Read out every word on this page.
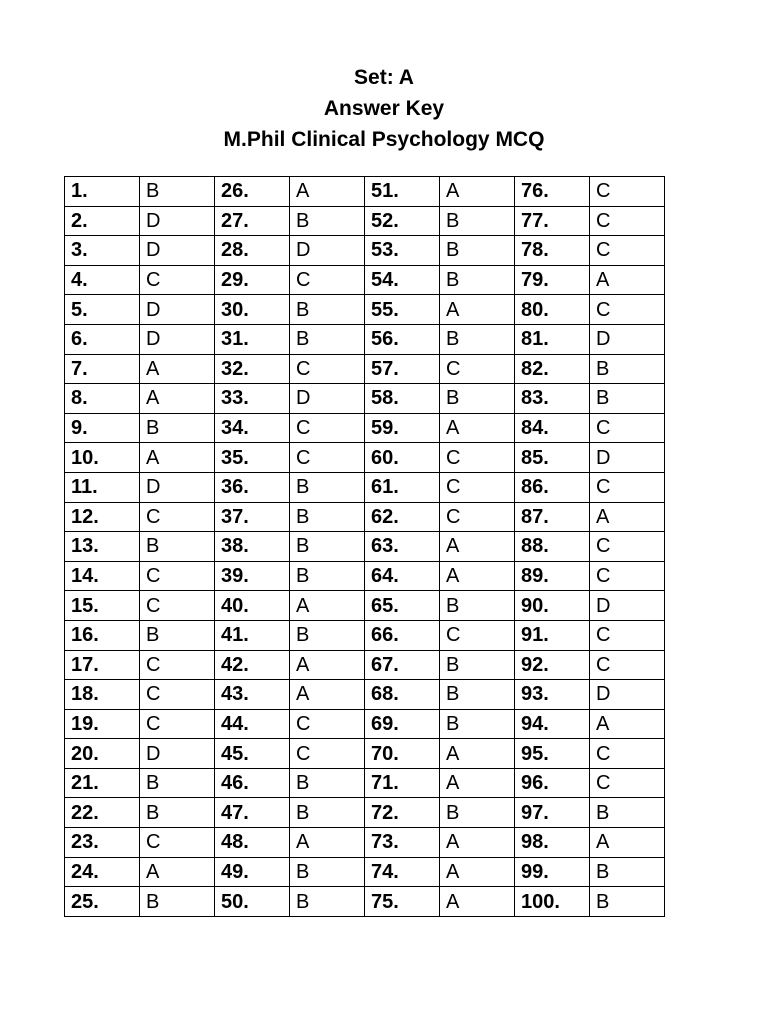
Set: A
Answer Key
M.Phil Clinical Psychology MCQ
1.	B	26.	A	51.	A	76.	C
2.	D	27.	B	52.	B	77.	C
3.	D	28.	D	53.	B	78.	C
4.	C	29.	C	54.	B	79.	A
5.	D	30.	B	55.	A	80.	C
6.	D	31.	B	56.	B	81.	D
7.	A	32.	C	57.	C	82.	B
8.	A	33.	D	58.	B	83.	B
9.	B	34.	C	59.	A	84.	C
10.	A	35.	C	60.	C	85.	D
11.	D	36.	B	61.	C	86.	C
12.	C	37.	B	62.	C	87.	A
13.	B	38.	B	63.	A	88.	C
14.	C	39.	B	64.	A	89.	C
15.	C	40.	A	65.	B	90.	D
16.	B	41.	B	66.	C	91.	C
17.	C	42.	A	67.	B	92.	C
18.	C	43.	A	68.	B	93.	D
19.	C	44.	C	69.	B	94.	A
20.	D	45.	C	70.	A	95.	C
21.	B	46.	B	71.	A	96.	C
22.	B	47.	B	72.	B	97.	B
23.	C	48.	A	73.	A	98.	A
24.	A	49.	B	74.	A	99.	B
25.	B	50.	B	75.	A	100.	B
